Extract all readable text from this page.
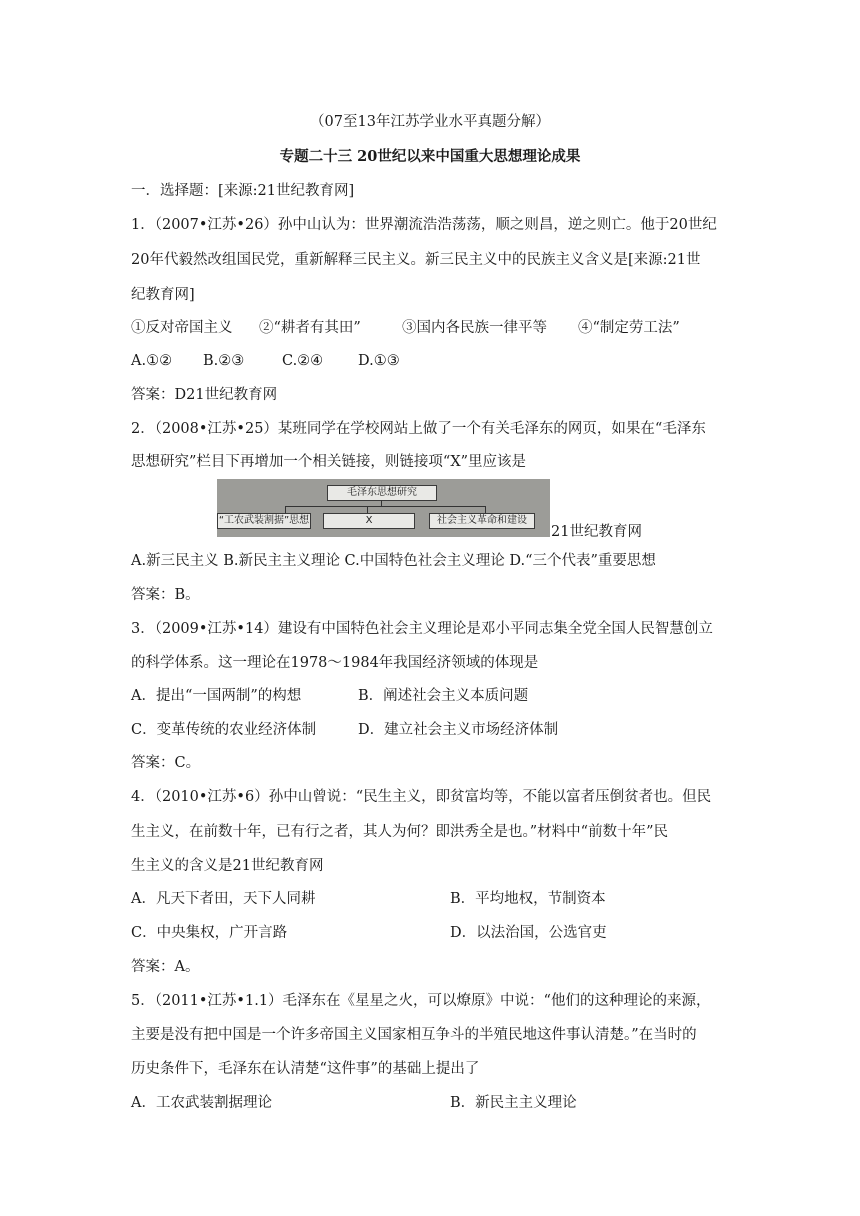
（07至13年江苏学业水平真题分解）
专题二十三 20世纪以来中国重大思想理论成果
一．选择题：[来源:21世纪教育网]
1．（2007•江苏•26）孙中山认为：世界潮流浩浩荡荡，顺之则昌，逆之则亡。他于20世纪
20年代毅然改组国民党，重新解释三民主义。新三民主义中的民族主义含义是[来源:21世
纪教育网]
①反对帝国主义 ②“耕者有其田”	③国内各民族一律平等 ④“制定劳工法”
A.①② B.②③	C.②④ D.①③
答案：D21世纪教育网
2．（2008•江苏•25）某班同学在学校网站上做了一个有关毛泽东的网页，如果在“毛泽东
思想研究”栏目下再增加一个相关链接，则链接项“X”里应该是
毛泽东思想研究
“工农武装割据”思想	X	社会主义革命和建设
21世纪教育网
A.新三民主义 B.新民主主义理论 C.中国特色社会主义理论 D.“三个代表”重要思想
答案：B。
3．（2009•江苏•14）建设有中国特色社会主义理论是邓小平同志集全党全国人民智慧创立
的科学体系。这一理论在1978～1984年我国经济领域的体现是
A．提出“一国两制”的构想	B．阐述社会主义本质问题
C．变革传统的农业经济体制	D．建立社会主义市场经济体制
答案：C。
4．（2010•江苏•6）孙中山曾说：“民生主义，即贫富均等，不能以富者压倒贫者也。但民
生主义，在前数十年，已有行之者，其人为何？即洪秀全是也。”材料中“前数十年”民
生主义的含义是21世纪教育网
A．凡天下者田，天下人同耕	B．平均地权，节制资本
C．中央集权，广开言路	D．以法治国，公选官吏
答案：A。
5．（2011•江苏•1.1）毛泽东在《星星之火，可以燎原》中说：“他们的这种理论的来源，
主要是没有把中国是一个许多帝国主义国家相互争斗的半殖民地这件事认清楚。”在当时的
历史条件下，毛泽东在认清楚“这件事”的基础上提出了
A．工农武装割据理论	B．新民主主义理论
